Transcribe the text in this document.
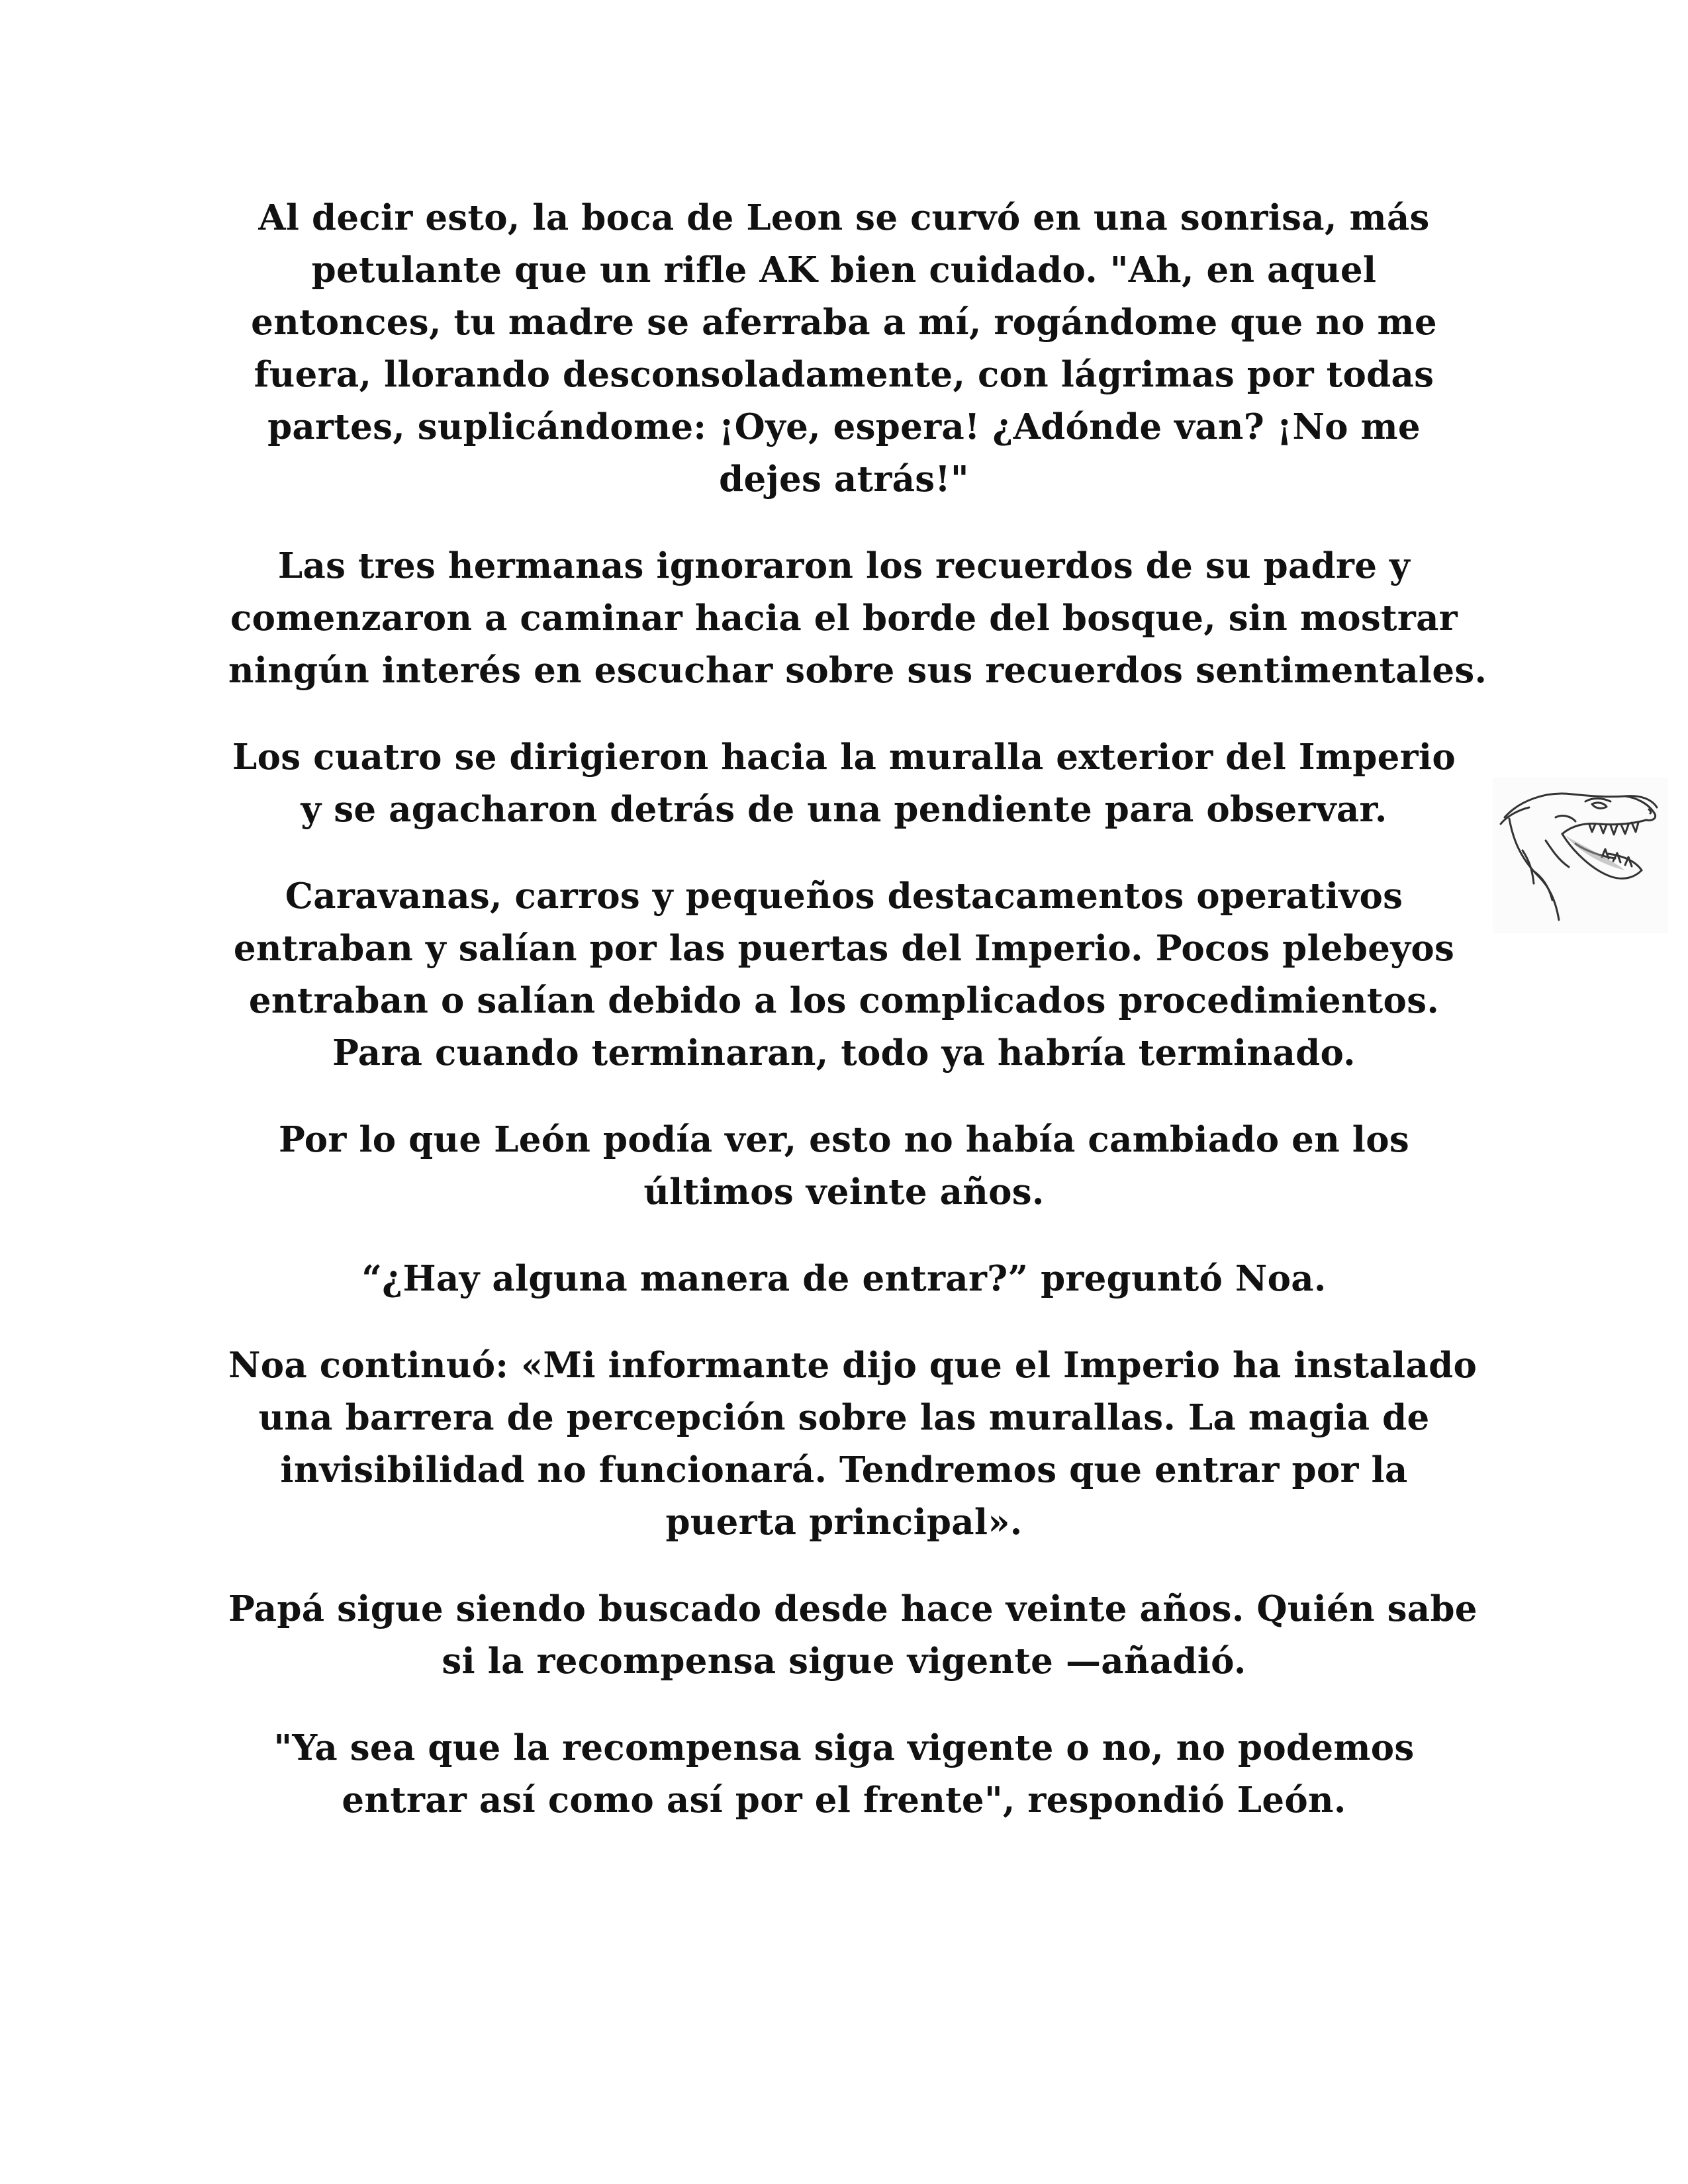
Al decir esto, la boca de Leon se curvó en una sonrisa, más
petulante que un rifle AK bien cuidado. "Ah, en aquel
entonces, tu madre se aferraba a mí, rogándome que no me
fuera, llorando desconsoladamente, con lágrimas por todas
partes, suplicándome: ¡Oye, espera! ¿Adónde van? ¡No me
dejes atrás!"

Las tres hermanas ignoraron los recuerdos de su padre y
comenzaron a caminar hacia el borde del bosque, sin mostrar
ningún interés en escuchar sobre sus recuerdos sentimentales.

Los cuatro se dirigieron hacia la muralla exterior del Imperio
y se agacharon detrás de una pendiente para observar.

Caravanas, carros y pequeños destacamentos operativos
entraban y salían por las puertas del Imperio. Pocos plebeyos
entraban o salían debido a los complicados procedimientos.
Para cuando terminaran, todo ya habría terminado.

Por lo que León podía ver, esto no había cambiado en los
últimos veinte años.

“¿Hay alguna manera de entrar?” preguntó Noa.

Noa continuó: «Mi informante dijo que el Imperio ha instalado
una barrera de percepción sobre las murallas. La magia de
invisibilidad no funcionará. Tendremos que entrar por la
puerta principal».

Papá sigue siendo buscado desde hace veinte años. Quién sabe
si la recompensa sigue vigente —añadió.

"Ya sea que la recompensa siga vigente o no, no podemos
entrar así como así por el frente", respondió León.
